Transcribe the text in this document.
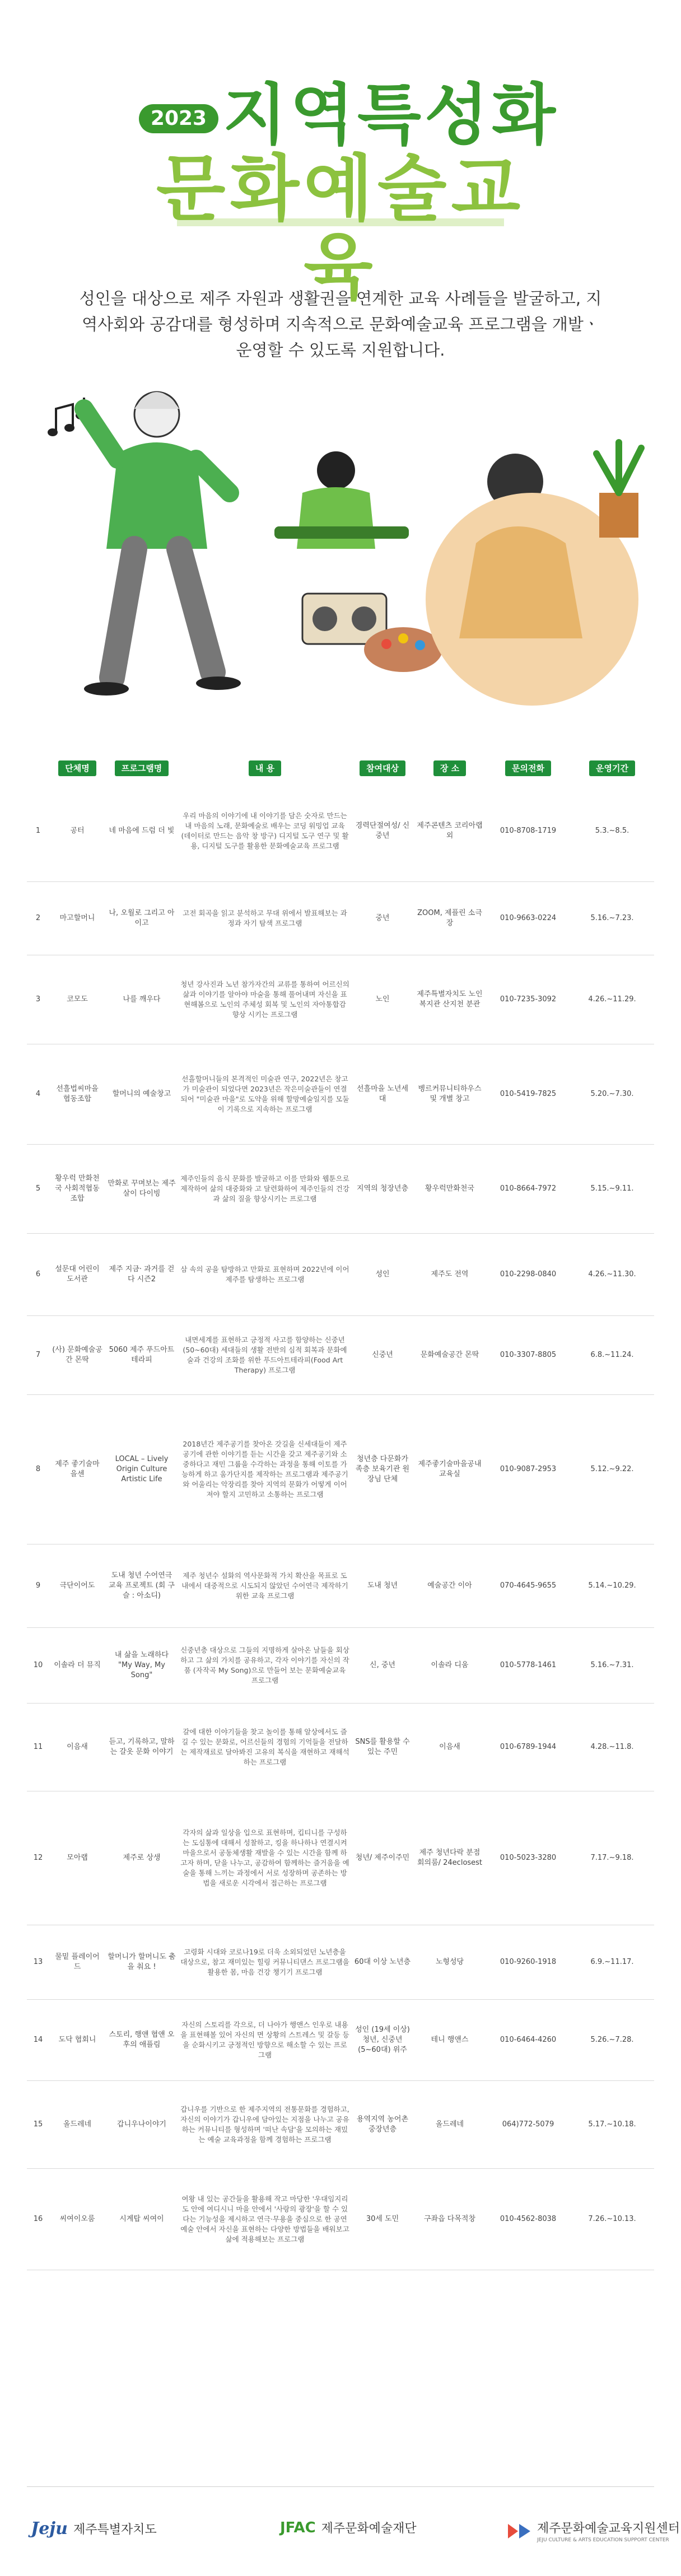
2023 지역특성화
문화예술교육
성인을 대상으로 제주 자원과 생활권을 연계한 교육 사례들을 발굴하고, 지역사회와 공감대를 형성하며 지속적으로 문화예술교육 프로그램을 개발ㆍ운영할 수 있도록 지원합니다.
	단체명	프로그램명	내 용	참여대상	장 소	문의전화	운영기간
1	공터	네 마음에 드럼 더 빛	우리 마음의 이야기에 내 이야기를 담은 숫자로 만드는 내 마음의 노래, 문화예술로 배우는 코딩 워밍업 교육 (데이터로 만드는 음악 창 방구) 디지털 도구 연구 및 활용, 디지털 도구를 활용한 문화예술교육 프로그램	경력단절여성/ 신중년	제주콘텐츠 코리아랩 외	010-8708-1719	5.3.~8.5.
2	마고할머니	나, 오월로 그리고 아이고	고전 회곡을 읽고 분석하고 무대 위에서 발표해보는 과정과 자기 탐색 프로그램	중년	ZOOM, 제플린 소극장	010-9663-0224	5.16.~7.23.
3	코모도	나를 깨우다	청년 강사진과 노년 참가자간의 교류를 통하여 어르신의 삶과 이야기를 알아야 마술을 통해 풀어내며 자신을 표현해봄으로 노인의 주체성 회복 및 노인의 자아통합감 향상 시키는 프로그램	노인	제주특별자치도 노인복지관 산지천 분관	010-7235-3092	4.26.~11.29.
4	선흘법씨마을 협동조합	할머니의 예술창고	선흘할머니들의 본격적인 미술관 연구, 2022년은 창고가 미술관이 되었다면 2023년은 작은미술관들이 연결되어 "미술관 마을"로 도약을 위해 할망예술일지를 모둘이 기록으로 지속하는 프로그램	선흘마을 노년세대	벵르커뮤니티하우스 및 개별 창고	010-5419-7825	5.20.~7.30.
5	황우럭 만화천국 사회적협동조합	만화로 꾸며보는 제주살이 다이빙	제주인들의 음식 문화를 발굴하고 이를 만화와 웹툰으로 제작하여 삶의 대중화와 고 달련화하여 제주인들의 건강과 삶의 질을 향상시키는 프로그램	지역의 청장년층	황우럭만화천국	010-8664-7972	5.15.~9.11.
6	설문대 어린이도서관	제주 지금· 과거를 걷다 시즌2	삼 속의 공을 탐방하고 만화로 표현하며 2022년에 이어 제주를 탐생하는 프로그램	성인	제주도 전역	010-2298-0840	4.26.~11.30.
7	(사) 문화예술공간 몬딱	5060 제주 푸드아트 테라피	내면세계를 표현하고 긍정적 사고를 함양하는 신중년(50~60대) 세대들의 생활 전반의 심적 회복과 문화예술과 건강의 조화를 위한 푸드아트테라피(Food Art Therapy) 프로그램	신중년	문화예술공간 몬딱	010-3307-8805	6.8.~11.24.
8	제주 좋기술마을센	LOCAL – Lively Origin Culture Artistic Life	2018년간 제주공기를 찾아온 갓길을 신세대들이 제주공기에 관한 이야기를 듣는 시간을 갖고 제주공기와 소중하다고 재민 그룹을 수각하는 과정을 통해 이토를 가능하게 하고 움가단지를 제작하는 프로그램과 제주공기와 어울리는 악장리를 찾아 지역의 문화가 어떻게 이어져야 할지 고민하고 소통하는 프로그램	청년층 다문화가족층 보육기관 원장님 단체	제주좋기술마을공내 교육실	010-9087-2953	5.12.~9.22.
9	극단이어도	도내 청년 수어연극 교육 프로젝트 (회 구슬 : 아소디)	제주 청년수 설화의 역사문화적 가치 확산을 목표로 도내에서 대중적으로 시도되지 않았던 수어연극 제작하기 위한 교육 프로그램	도내 청년	예술공간 이아	070-4645-9655	5.14.~10.29.
10	이솔라 더 뮤직	내 삶을 노래하다 "My Way, My Song"	신중년층 대상으로 그들의 지명하게 살아온 날들을 회상하고 그 삶의 가치를 공유하고, 각자 이야기를 자신의 작품 (자작곡 My Song)으로 만들어 보는 문화예술교육 프로그램	신, 중년	이솔라 디움	010-5778-1461	5.16.~7.31.
11	이음새	듣고, 기록하고, 말하는 갈옷 문화 이야기	갈에 대한 이야기들을 찾고 놀이를 통해 알상에서도 즐길 수 있는 문화로, 어르신들의 경험의 기억들을 전달하는 제작재료로 달아봐진 고유의 복식을 재현하고 재해석 하는 프로그램	SNS를 활용할 수 있는 주민	이음새	010-6789-1944	4.28.~11.8.
12	모아랩	제주로 상생	각자의 삶과 일상을 입으로 표현하며, 킵티니를 구성하는 도심통에 대해서 성찰하고, 킹을 하나하나 연결시켜 마을으로서 공동체생활 재발을 수 있는 시간을 함께 하고자 하며, 닫을 나누고, 공감하여 함께하는 즐거움을 예술을 통해 느끼는 과정에서 서로 성장하며 공존하는 방법을 새로운 시각에서 접근하는 프로그램	청년/ 제주이주민	제주 청년다락 분점 회의룸/ 24eclosest	010-5023-3280	7.17.~9.18.
13	물밑 플레이어드	할머니가 할머니도 춤을 춰요 !	고령화 시대와 코로나19로 더욱 소외되었던 노년층을 대상으로, 참고 재미있는 힐링 커뮤니티댄스 프로그램을 활용한 몸, 마음 건강 챙기기 프로그램	60대 이상 노년층	노형성당	010-9260-1918	6.9.~11.17.
14	도닥 협회니	스토리, 행앤 협앤 오후의 애플림	자신의 스토리를 각으로, 더 나아가 행앤스 인우로 내용을 표현해볼 있어 자신의 면 상황의 스트레스 및 갈등 등을 순화시키고 긍정적인 방향으로 해소할 수 있는 프로그램	성인 (19세 이상) 청년, 신중년 (5~60대) 위주	테니 행앤스	010-6464-4260	5.26.~7.28.
15	올드레네	갑니우나이야기	갑니우를 기반으로 한 제주지역의 전통문화를 경험하고, 자신의 이야기가 갑니우에 담아있는 지점을 나누고 공유하는 커뮤니티를 형성하며 '떠난 속담'을 모의하는 재밌는 예술 교육과정을 함께 경험하는 프로그램	용역지역 농어촌 중장년층	올드레네	064)772-5079	5.17.~10.18.
16	씨여이오룸	시계탑 씨여이	여왕 내 있는 공간들을 활용해 작고 마당한 '우대임지리도 안에 여디시니 마을 안에서 '사랑의 광장'을 할 수 있다는 기능성을 제시하고 연극·무용을 중심으로 한 공연예술 안에서 자신을 표현하는 다양한 방법들을 배워보고 삶에 적용해보는 프로그램	30세 도민	구좌읍 다목적창	010-4562-8038	7.26.~10.13.
Jeju 제주특별자치도	JFAC 제주문화예술재단	제주문화예술교육지원센터
JEJU CULTURE & ARTS EDUCATION SUPPORT CENTER
